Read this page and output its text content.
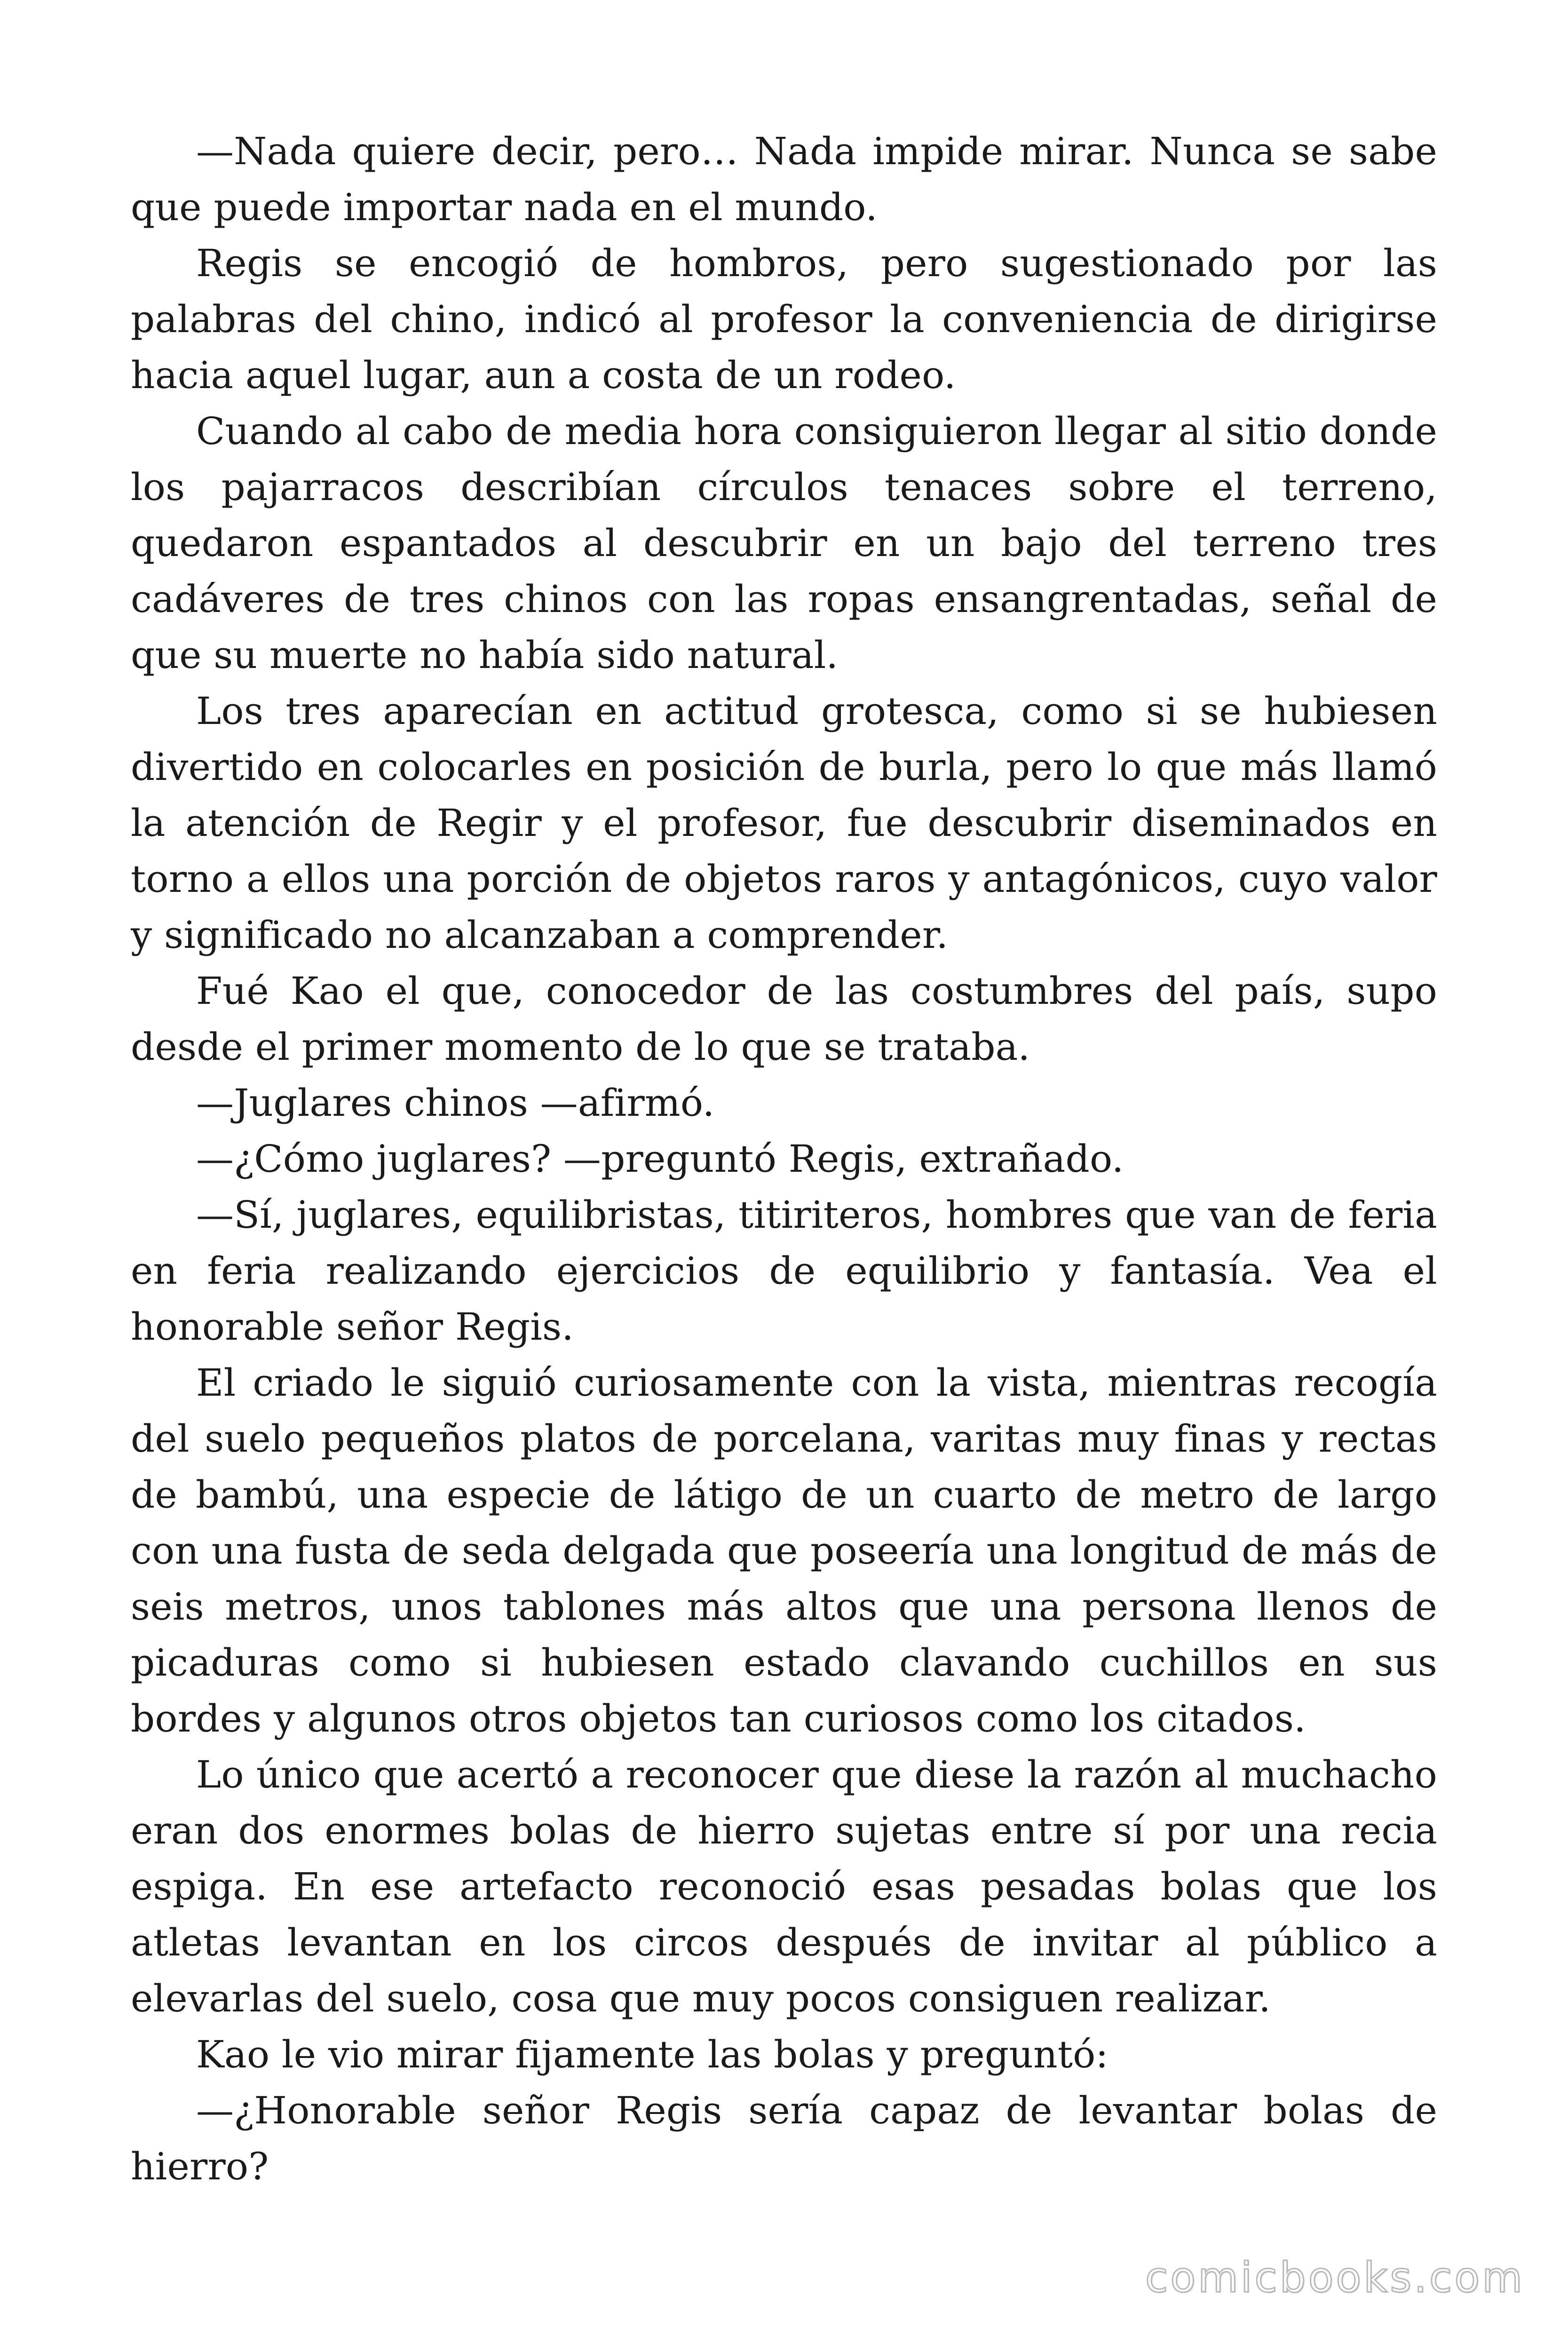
—Nada quiere decir, pero… Nada impide mirar. Nunca se sabe que puede importar nada en el mundo.

Regis se encogió de hombros, pero sugestionado por las palabras del chino, indicó al profesor la conveniencia de dirigirse hacia aquel lugar, aun a costa de un rodeo.

Cuando al cabo de media hora consiguieron llegar al sitio donde los pajarracos describían círculos tenaces sobre el terreno, quedaron espantados al descubrir en un bajo del terreno tres cadáveres de tres chinos con las ropas ensangrentadas, señal de que su muerte no había sido natural.

Los tres aparecían en actitud grotesca, como si se hubiesen divertido en colocarles en posición de burla, pero lo que más llamó la atención de Regir y el profesor, fue descubrir diseminados en torno a ellos una porción de objetos raros y antagónicos, cuyo valor y significado no alcanzaban a comprender.

Fué Kao el que, conocedor de las costumbres del país, supo desde el primer momento de lo que se trataba.

—Juglares chinos —afirmó.

—¿Cómo juglares? —preguntó Regis, extrañado.

—Sí, juglares, equilibristas, titiriteros, hombres que van de feria en feria realizando ejercicios de equilibrio y fantasía. Vea el honorable señor Regis.

El criado le siguió curiosamente con la vista, mientras recogía del suelo pequeños platos de porcelana, varitas muy finas y rectas de bambú, una especie de látigo de un cuarto de metro de largo con una fusta de seda delgada que poseería una longitud de más de seis metros, unos tablones más altos que una persona llenos de picaduras como si hubiesen estado clavando cuchillos en sus bordes y algunos otros objetos tan curiosos como los citados.

Lo único que acertó a reconocer que diese la razón al muchacho eran dos enormes bolas de hierro sujetas entre sí por una recia espiga. En ese artefacto reconoció esas pesadas bolas que los atletas levantan en los circos después de invitar al público a elevarlas del suelo, cosa que muy pocos consiguen realizar.

Kao le vio mirar fijamente las bolas y preguntó:

—¿Honorable señor Regis sería capaz de levantar bolas de hierro?

comicbooks.com
